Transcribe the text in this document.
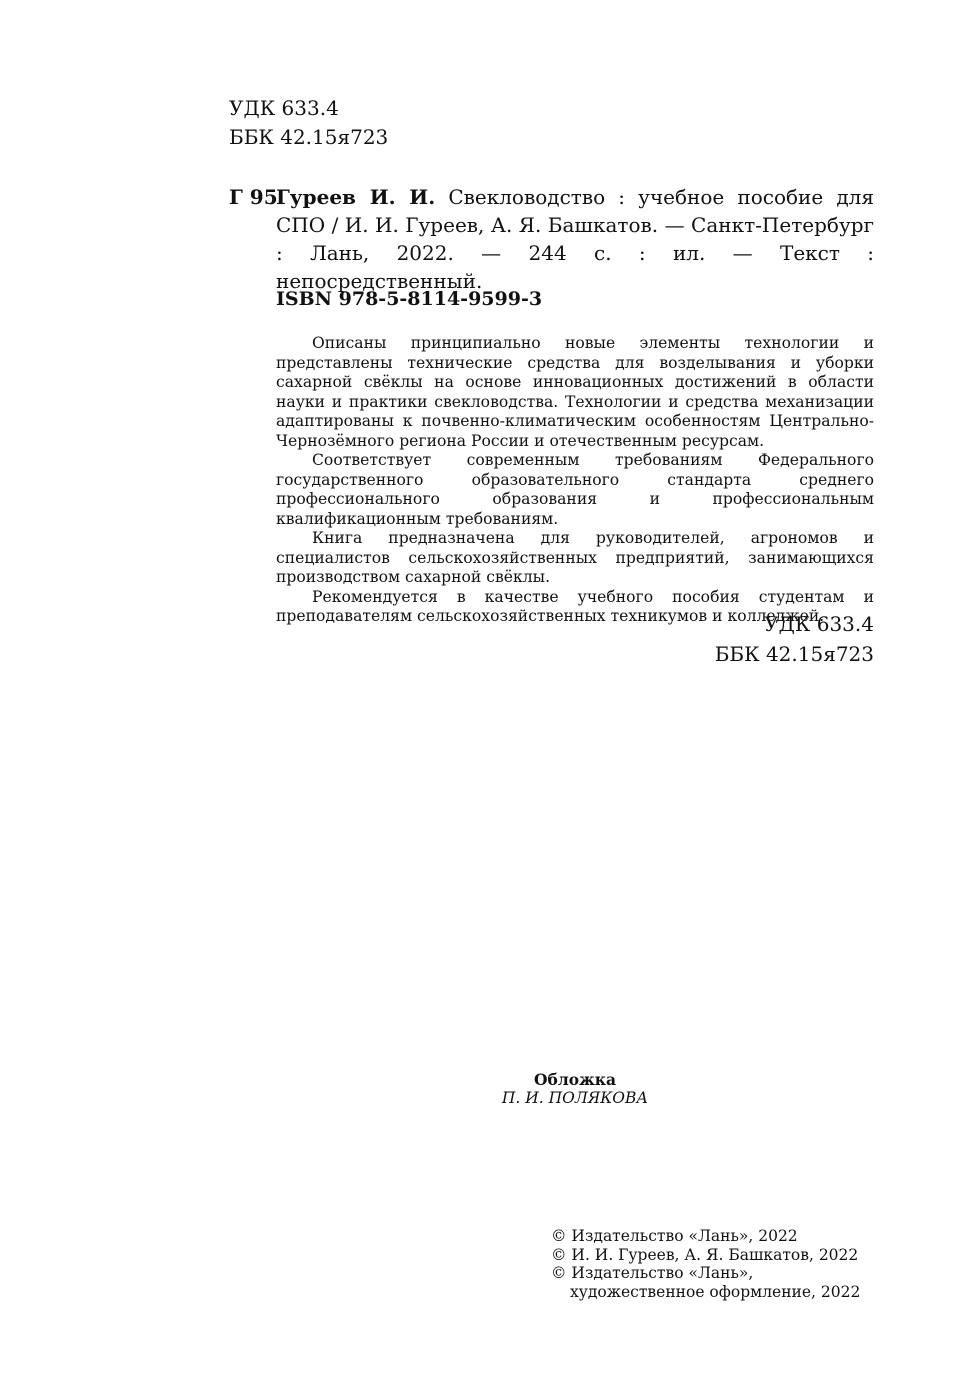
УДК 633.4
ББК 42.15я723
Г 95
Гуреев И. И. Свекловодство : учебное пособие для СПО / И. И. Гуреев, А. Я. Башкатов. — Санкт-Петербург : Лань, 2022. — 244 с. : ил. — Текст : непосредственный.
ISBN 978-5-8114-9599-3

Описаны принципиально новые элементы технологии и представлены технические средства для возделывания и уборки сахарной свёклы на основе инновационных достижений в области науки и практики свекловодства. Технологии и средства механизации адаптированы к почвенно-климатическим особенностям Центрально-Чернозёмного региона России и отечественным ресурсам.

Соответствует современным требованиям Федерального государственного образовательного стандарта среднего профессионального образования и профессиональным квалификационным требованиям.

Книга предназначена для руководителей, агрономов и специалистов сельскохозяйственных предприятий, занимающихся производством сахарной свёклы.

Рекомендуется в качестве учебного пособия студентам и преподавателям сельскохозяйственных техникумов и колледжей.

УДК 633.4
ББК 42.15я723
Обложка
П. И. ПОЛЯКОВА
© Издательство «Лань», 2022
© И. И. Гуреев, А. Я. Башкатов, 2022
© Издательство «Лань»,
художественное оформление, 2022
